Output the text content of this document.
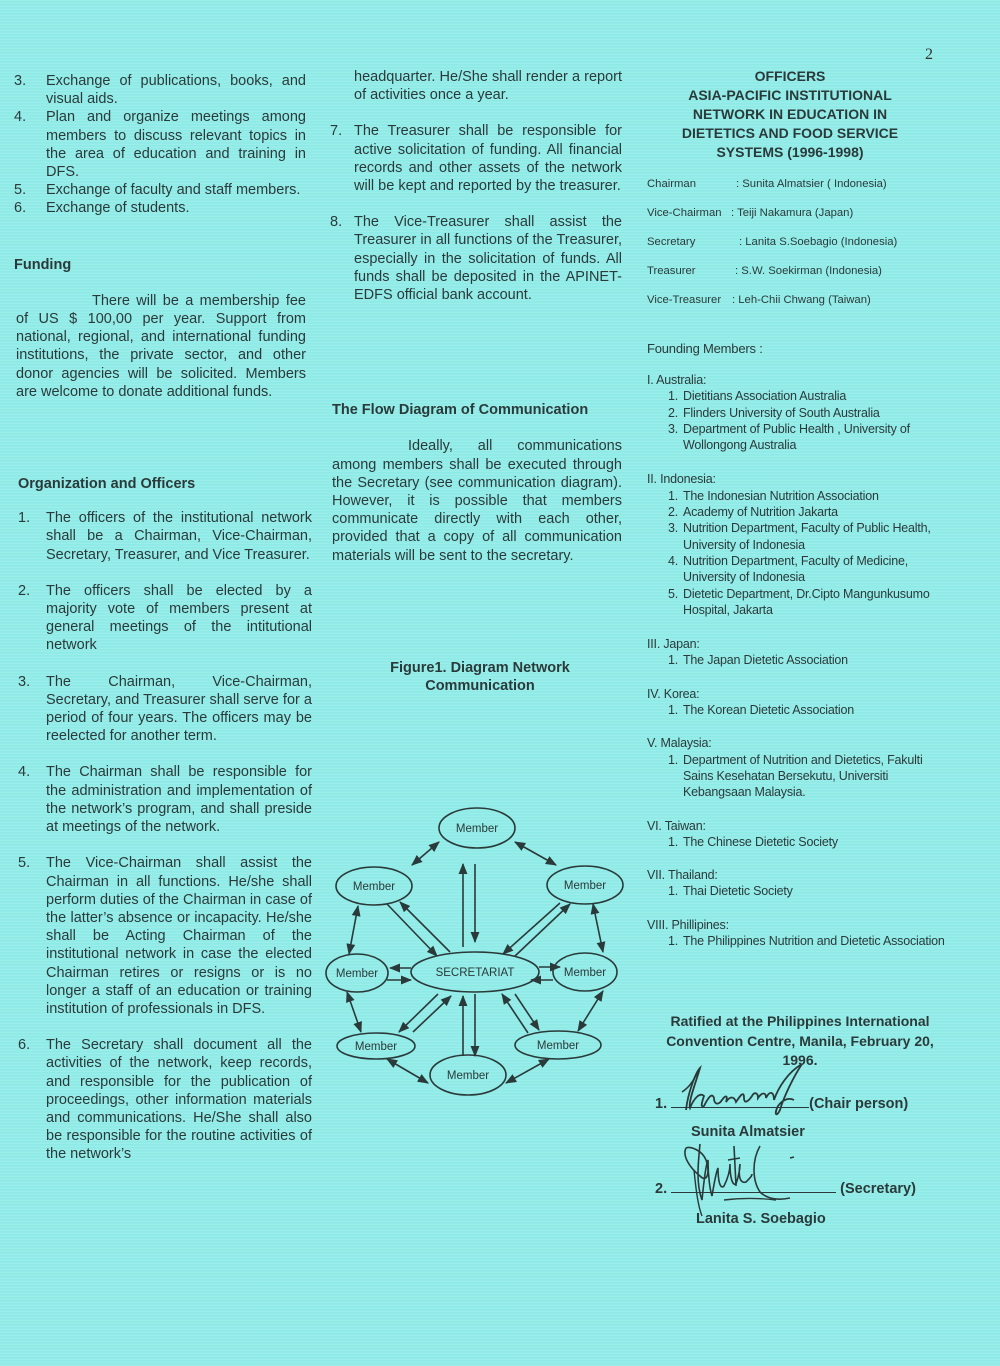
2
3. Exchange of publications, books, and visual aids.
4. Plan and organize meetings among members to discuss relevant topics in the area of education and training in DFS.
5. Exchange of faculty and staff members.
6. Exchange of students.
Funding
There will be a membership fee of US $ 100,00 per year. Support from national, regional, and international funding institutions, the private sector, and other donor agencies will be solicited. Members are welcome to donate additional funds.
Organization and Officers
1. The officers of the institutional network shall be a Chairman, Vice-Chairman, Secretary, Treasurer, and Vice Treasurer.
2. The officers shall be elected by a majority vote of members present at general meetings of the intitutional network
3. The Chairman, Vice-Chairman, Secretary, and Treasurer shall serve for a period of four years. The officers may be reelected for another term.
4. The Chairman shall be responsible for the administration and implementation of the network’s program, and shall preside at meetings of the network.
5. The Vice-Chairman shall assist the Chairman in all functions. He/she shall perform duties of the Chairman in case of the latter’s absence or incapacity. He/she shall be Acting Chairman of the institutional network in case the elected Chairman retires or resigns or is no longer a staff of an education or training institution of professionals in DFS.
6. The Secretary shall document all the activities of the network, keep records, and responsible for the publication of proceedings, other information materials and communications. He/She shall also be responsible for the routine activities of the network’s
headquarter. He/She shall render a report of activities once a year.
7. The Treasurer shall be responsible for active solicitation of funding. All financial records and other assets of the network will be kept and reported by the treasurer.
8. The Vice-Treasurer shall assist the Treasurer in all functions of the Treasurer, especially in the solicitation of funds. All funds shall be deposited in the APINET-EDFS official bank account.
The Flow Diagram of Communication
Ideally, all communications among members shall be executed through the Secretary (see communication diagram). However, it is possible that members communicate directly with each other, provided that a copy of all communication materials will be sent to the secretary.
Figure1. Diagram Network
Communication
SECRETARIAT
Member
Member	Member
Member	Member
Member	Member
Member
OFFICERS
ASIA-PACIFIC INSTITUTIONAL
NETWORK IN EDUCATION IN
DIETETICS AND FOOD SERVICE
SYSTEMS (1996-1998)
Chairman	: Sunita Almatsier ( Indonesia)
Vice-Chairman : Teiji Nakamura (Japan)
Secretary	: Lanita S.Soebagio (Indonesia)
Treasurer	: S.W. Soekirman (Indonesia)
Vice-Treasurer : Leh-Chii Chwang (Taiwan)
Founding Members :
I. Australia:
1. Dietitians Association Australia
2. Flinders University of South Australia
3. Department of Public Health , University of Wollongong Australia
II. Indonesia:
1. The Indonesian Nutrition Association
2. Academy of Nutrition Jakarta
3. Nutrition Department, Faculty of Public Health, University of Indonesia
4. Nutrition Department, Faculty of Medicine, University of Indonesia
5. Dietetic Department, Dr.Cipto Mangunkusumo Hospital, Jakarta
III. Japan:
1. The Japan Dietetic Association
IV. Korea:
1. The Korean Dietetic Association
V. Malaysia:
1. Department of Nutrition and Dietetics, Fakulti Sains Kesehatan Bersekutu, Universiti Kebangsaan Malaysia.
VI. Taiwan:
1. The Chinese Dietetic Society
VII. Thailand:
1. Thai Dietetic Society
VIII. Phillipines:
1. The Philippines Nutrition and Dietetic Association
Ratified at the Philippines International Convention Centre, Manila, February 20, 1996.
1.	(Chair person)
Sunita Almatsier
2.	(Secretary)
Lanita S. Soebagio
